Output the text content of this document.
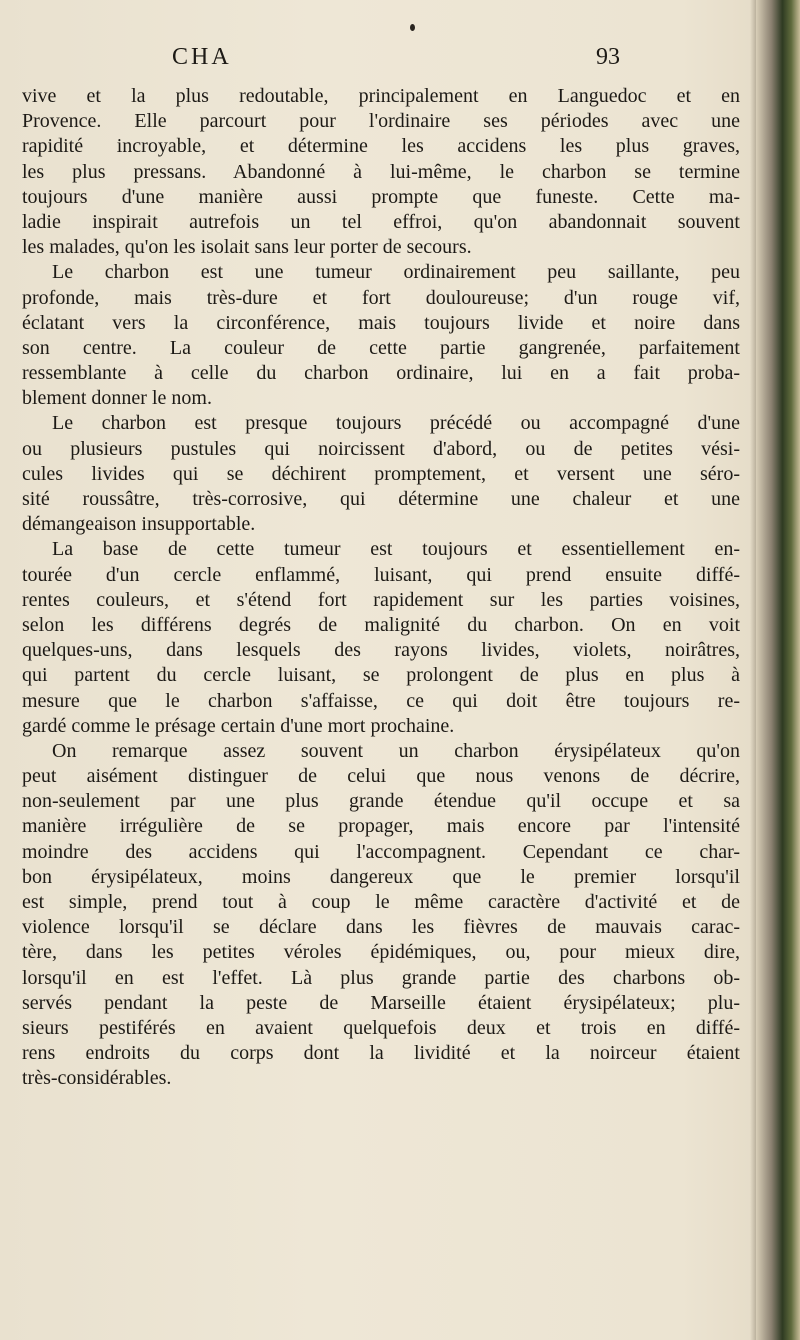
CHA	93
vive et la plus redoutable, principalement en Languedoc et en
Provence. Elle parcourt pour l'ordinaire ses périodes avec une
rapidité incroyable, et détermine les accidens les plus graves,
les plus pressans. Abandonné à lui-même, le charbon se termine
toujours d'une manière aussi prompte que funeste. Cette ma-
ladie inspirait autrefois un tel effroi, qu'on abandonnait souvent
les malades, qu'on les isolait sans leur porter de secours.
Le charbon est une tumeur ordinairement peu saillante, peu
profonde, mais très-dure et fort douloureuse; d'un rouge vif,
éclatant vers la circonférence, mais toujours livide et noire dans
son centre. La couleur de cette partie gangrenée, parfaitement
ressemblante à celle du charbon ordinaire, lui en a fait proba-
blement donner le nom.
Le charbon est presque toujours précédé ou accompagné d'une
ou plusieurs pustules qui noircissent d'abord, ou de petites vési-
cules livides qui se déchirent promptement, et versent une séro-
sité roussâtre, très-corrosive, qui détermine une chaleur et une
démangeaison insupportable.
La base de cette tumeur est toujours et essentiellement en-
tourée d'un cercle enflammé, luisant, qui prend ensuite diffé-
rentes couleurs, et s'étend fort rapidement sur les parties voisines,
selon les différens degrés de malignité du charbon. On en voit
quelques-uns, dans lesquels des rayons livides, violets, noirâtres,
qui partent du cercle luisant, se prolongent de plus en plus à
mesure que le charbon s'affaisse, ce qui doit être toujours re-
gardé comme le présage certain d'une mort prochaine.
On remarque assez souvent un charbon érysipélateux qu'on
peut aisément distinguer de celui que nous venons de décrire,
non-seulement par une plus grande étendue qu'il occupe et sa
manière irrégulière de se propager, mais encore par l'intensité
moindre des accidens qui l'accompagnent. Cependant ce char-
bon érysipélateux, moins dangereux que le premier lorsqu'il
est simple, prend tout à coup le même caractère d'activité et de
violence lorsqu'il se déclare dans les fièvres de mauvais carac-
tère, dans les petites véroles épidémiques, ou, pour mieux dire,
lorsqu'il en est l'effet. Là plus grande partie des charbons ob-
servés pendant la peste de Marseille étaient érysipélateux; plu-
sieurs pestiférés en avaient quelquefois deux et trois en diffé-
rens endroits du corps dont la lividité et la noirceur étaient
très-considérables.
